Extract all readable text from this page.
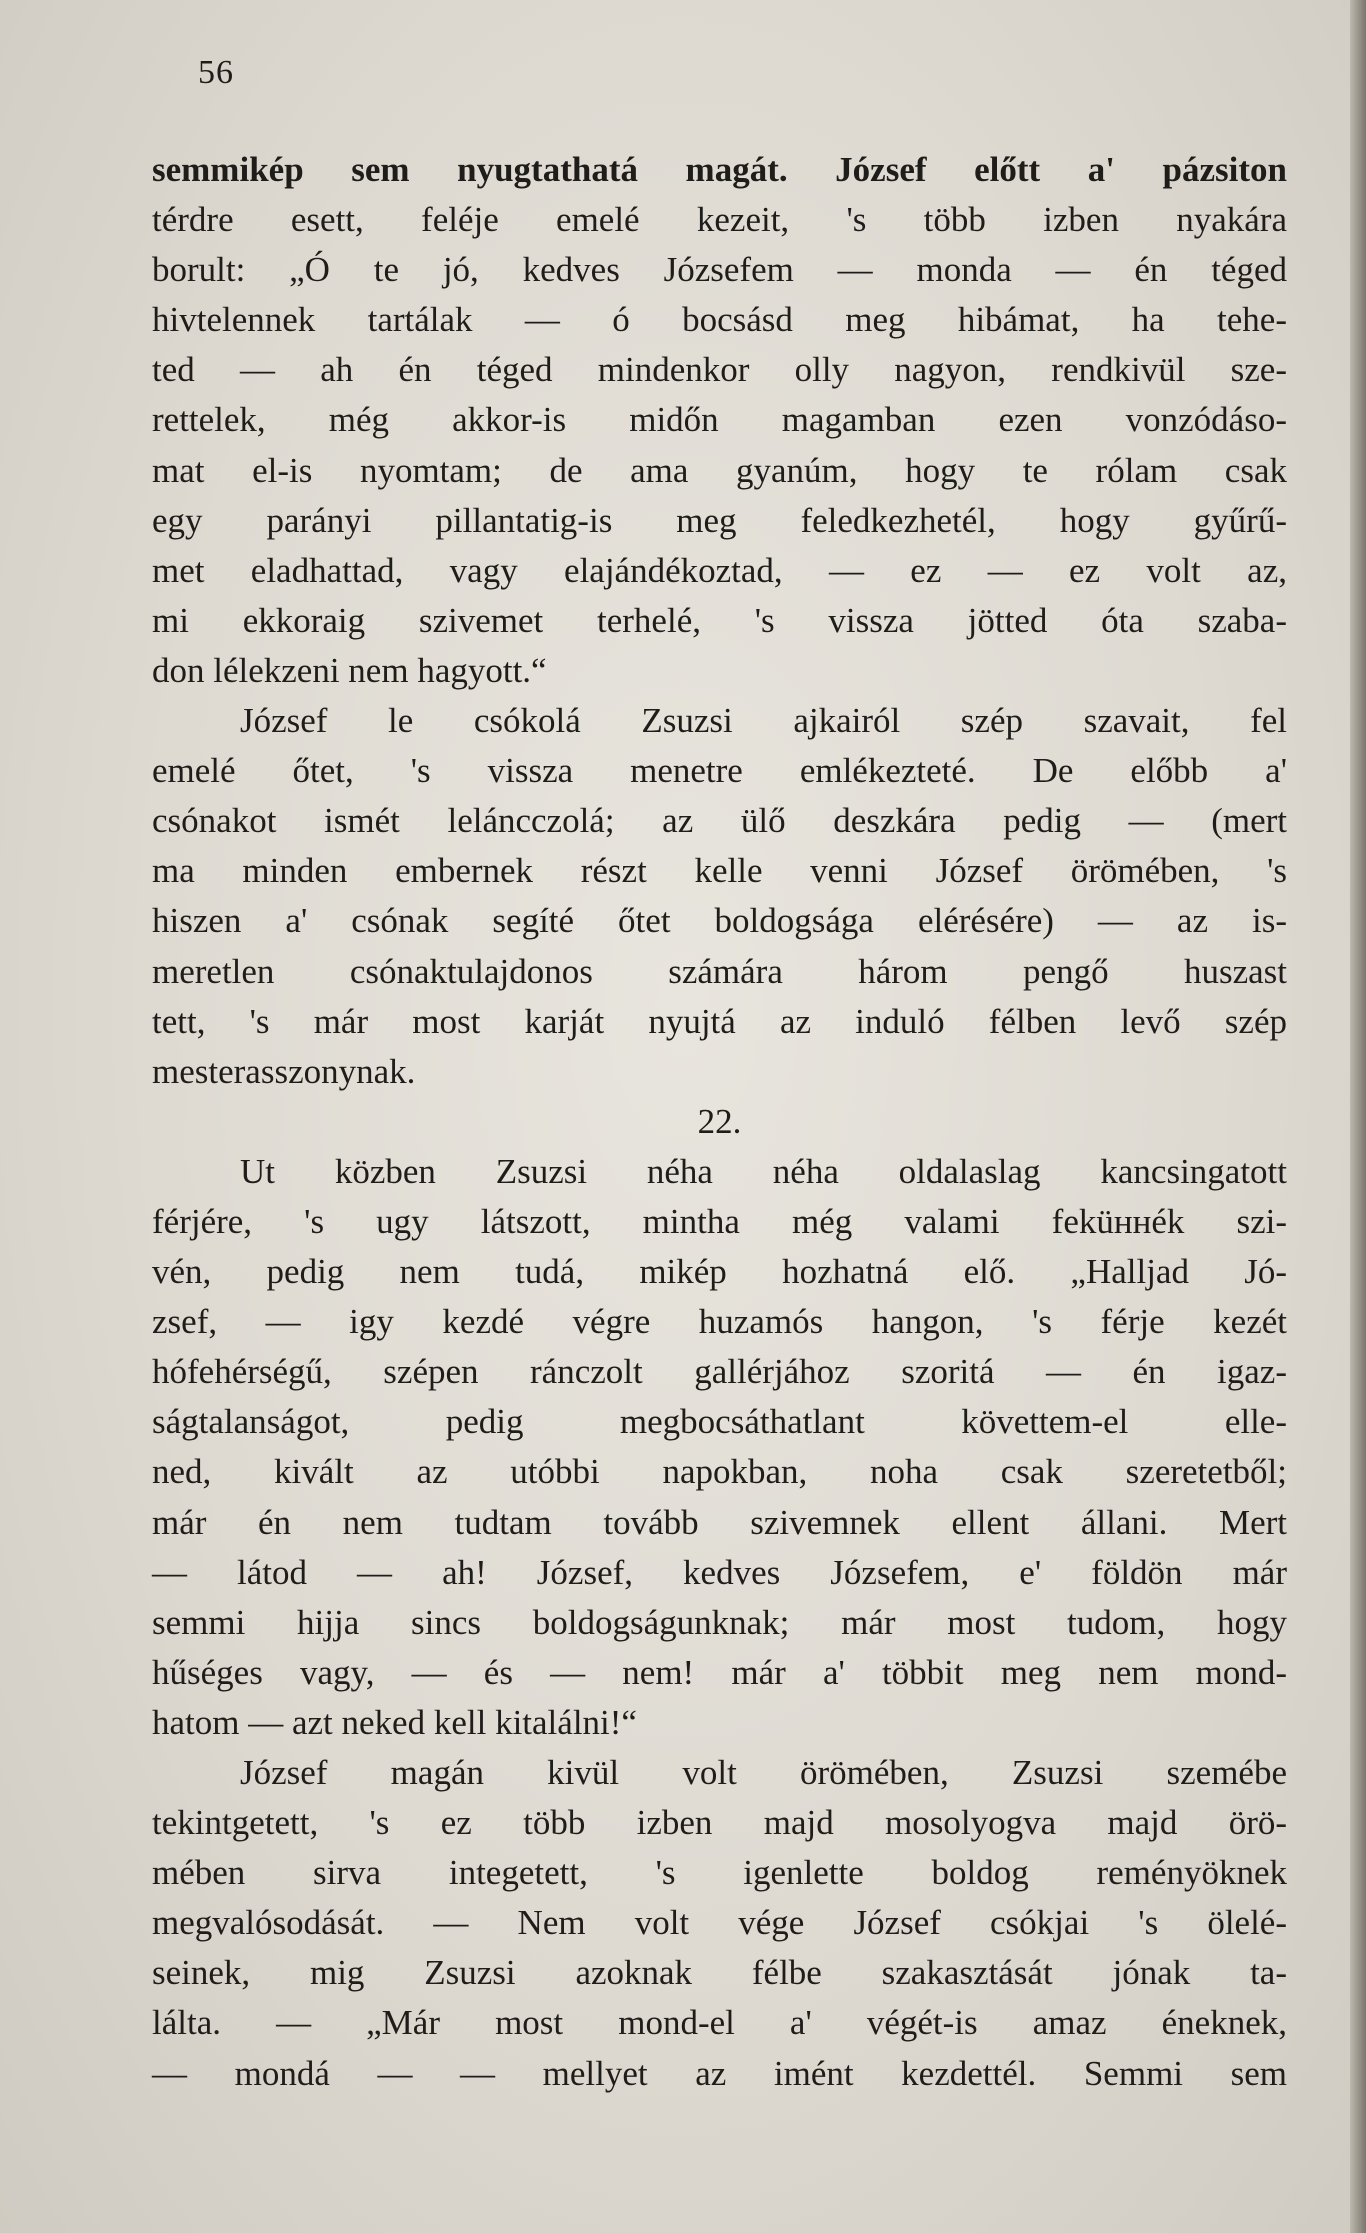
56
semmikép sem nyugtathatá magát. József előtt a' pázsiton
térdre esett, feléje emelé kezeit, 's több izben nyakára
borult: „Ó te jó, kedves Józsefem — monda — én téged
hivtelennek tartálak — ó bocsásd meg hibámat, ha tehe-
ted — ah én téged mindenkor olly nagyon, rendkivül sze-
rettelek, még akkor-is midőn magamban ezen vonzódáso-
mat el-is nyomtam; de ama gyanúm, hogy te rólam csak
egy parányi pillantatig-is meg feledkezhetél, hogy gyűrű-
met eladhattad, vagy elajándékoztad, — ez — ez volt az,
mi ekkoraig szivemet terhelé, 's vissza jötted óta szaba-
don lélekzeni nem hagyott.“
József le csókolá Zsuzsi ajkairól szép szavait, fel
emelé őtet, 's vissza menetre emlékezteté. De előbb a'
csónakot ismét leláncczolá; az ülő deszkára pedig — (mert
ma minden embernek részt kelle venni József örömében, 's
hiszen a' csónak segíté őtet boldogsága elérésére) — az is-
meretlen csónaktulajdonos számára három pengő huszast
tett, 's már most karját nyujtá az induló félben levő szép
mesterasszonynak.
22.
Ut közben Zsuzsi néha néha oldalaslag kancsingatott
férjére, 's ugy látszott, mintha még valami feküннék szi-
vén, pedig nem tudá, mikép hozhatná elő. „Halljad Jó-
zsef, — igy kezdé végre huzamós hangon, 's férje kezét
hófehérségű, szépen ránczolt gallérjához szoritá — én igaz-
ságtalanságot, pedig megbocsáthatlant követtem-el elle-
ned, kivált az utóbbi napokban, noha csak szeretetből;
már én nem tudtam tovább szivemnek ellent állani. Mert
— látod — ah! József, kedves Józsefem, e' földön már
semmi hijja sincs boldogságunknak; már most tudom, hogy
hűséges vagy, — és — nem! már a' többit meg nem mond-
hatom — azt neked kell kitalálni!“
József magán kivül volt örömében, Zsuzsi szemébe
tekintgetett, 's ez több izben majd mosolyogva majd örö-
mében sirva integetett, 's igenlette boldog reményöknek
megvalósodását. — Nem volt vége József csókjai 's ölelé-
seinek, mig Zsuzsi azoknak félbe szakasztását jónak ta-
lálta. — „Már most mond-el a' végét-is amaz éneknek,
— mondá — — mellyet az imént kezdettél. Semmi sem
